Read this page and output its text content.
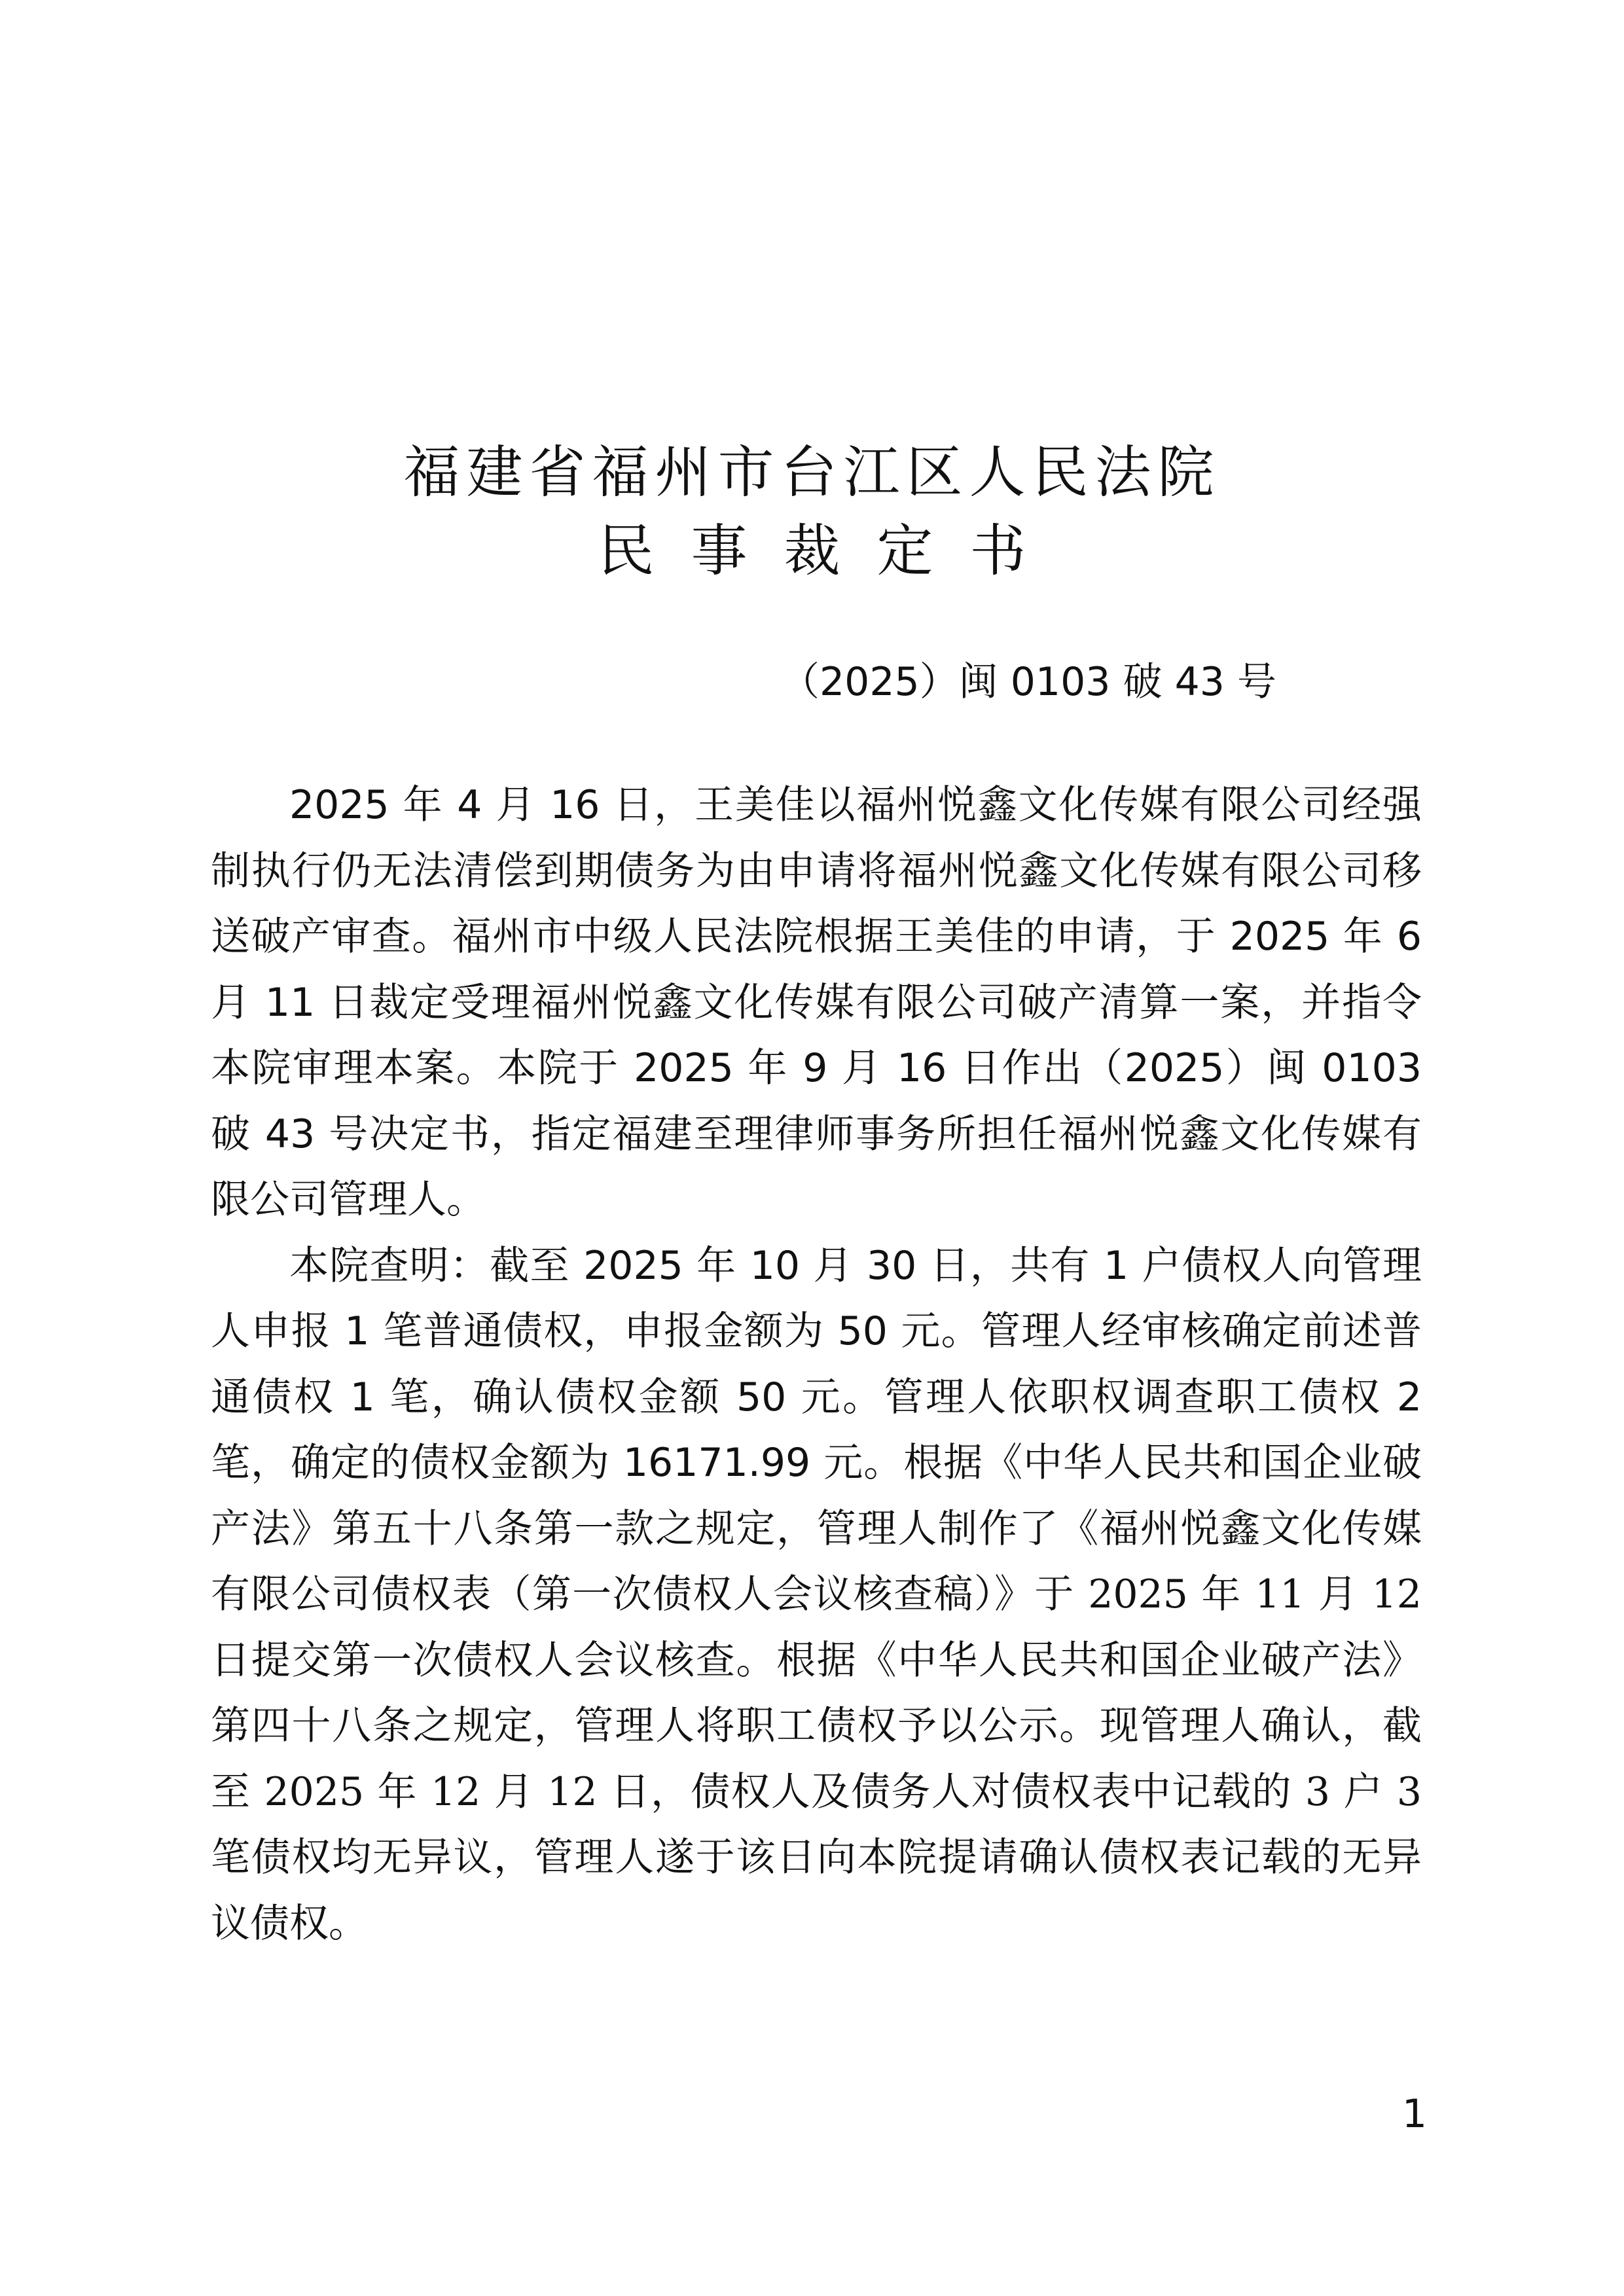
福建省福州市台江区人民法院
民事裁定书
（2025）闽 0103 破 43 号

2025 年 4 月 16 日，王美佳以福州悦鑫文化传媒有限公司经强制执行仍无法清偿到期债务为由申请将福州悦鑫文化传媒有限公司移送破产审查。福州市中级人民法院根据王美佳的申请，于 2025 年 6 月 11 日裁定受理福州悦鑫文化传媒有限公司破产清算一案，并指令本院审理本案。本院于 2025 年 9 月 16 日作出（2025）闽 0103 破 43 号决定书，指定福建至理律师事务所担任福州悦鑫文化传媒有限公司管理人。

本院查明：截至 2025 年 10 月 30 日，共有 1 户债权人向管理人申报 1 笔普通债权，申报金额为 50 元。管理人经审核确定前述普通债权 1 笔，确认债权金额 50 元。管理人依职权调查职工债权 2 笔，确定的债权金额为 16171.99 元。根据《中华人民共和国企业破产法》第五十八条第一款之规定，管理人制作了《福州悦鑫文化传媒有限公司债权表（第一次债权人会议核查稿）》于 2025 年 11 月 12 日提交第一次债权人会议核查。根据《中华人民共和国企业破产法》第四十八条之规定，管理人将职工债权予以公示。现管理人确认，截至 2025 年 12 月 12 日，债权人及债务人对债权表中记载的 3 户 3 笔债权均无异议，管理人遂于该日向本院提请确认债权表记载的无异议债权。

1
